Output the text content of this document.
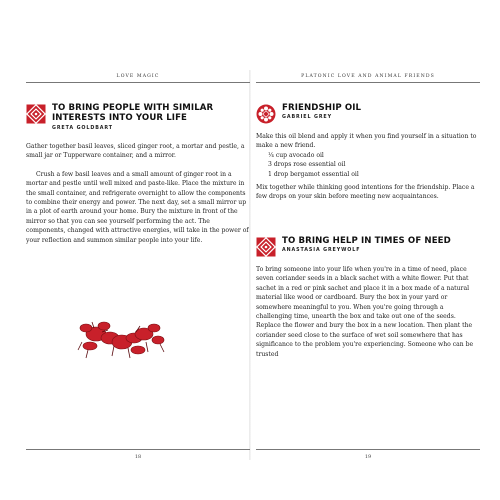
LOVE MAGIC
TO BRING PEOPLE WITH SIMILAR INTERESTS INTO YOUR LIFE
GRETA GOLDBART

Gather together basil leaves, sliced ginger root, a mortar and pestle, a small jar or Tupperware container, and a mirror.

Crush a few basil leaves and a small amount of ginger root in a mortar and pestle until well mixed and paste-like. Place the mixture in the small container, and refrigerate overnight to allow the components to combine their energy and power. The next day, set a small mirror up in a plot of earth around your home. Bury the mixture in front of the mirror so that you can see yourself performing the act. The components, changed with attractive energies, will take in the power of your reflection and summon similar people into your life.

18
PLATONIC LOVE AND ANIMAL FRIENDS
FRIENDSHIP OIL
GABRIEL GREY

Make this oil blend and apply it when you find yourself in a situation to make a new friend.

¼ cup avocado oil

3 drops rose essential oil

1 drop bergamot essential oil

Mix together while thinking good intentions for the friendship. Place a few drops on your skin before meeting new acquaintances.

TO BRING HELP IN TIMES OF NEED
ANASTASIA GREYWOLF

To bring someone into your life when you're in a time of need, place seven coriander seeds in a black sachet with a white flower. Put that sachet in a red or pink sachet and place it in a box made of a natural material like wood or cardboard. Bury the box in your yard or somewhere meaningful to you. When you're going through a challenging time, unearth the box and take out one of the seeds. Replace the flower and bury the box in a new location. Then plant the coriander seed close to the surface of wet soil somewhere that has significance to the problem you're experiencing. Someone who can be trusted

19
